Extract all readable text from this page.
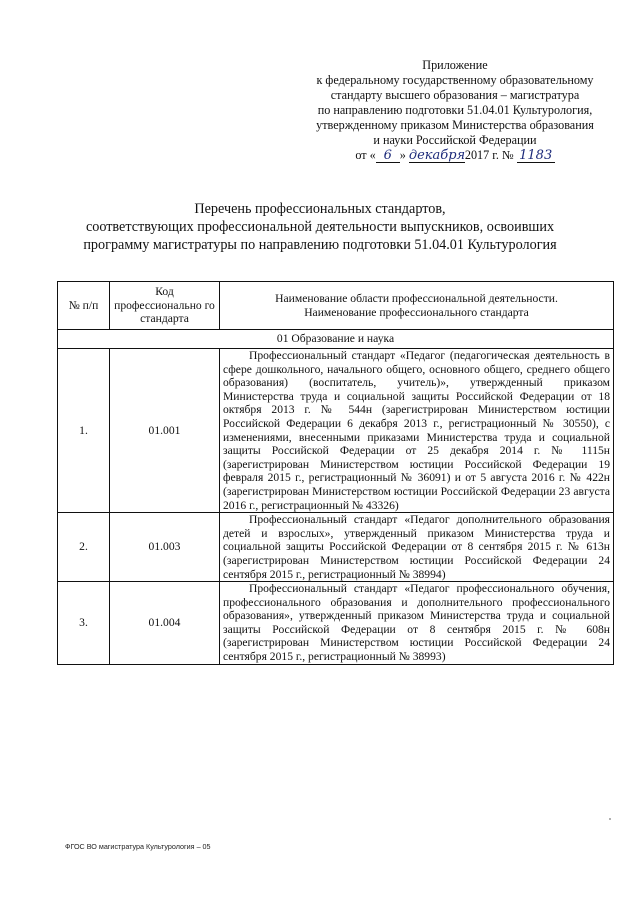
Приложение
к федеральному государственному образовательному
стандарту высшего образования – магистратура
по направлению подготовки 51.04.01 Культурология,
утвержденному приказом Министерства образования
и науки Российской Федерации
от « 6 » декабря2017 г. № 1183
Перечень профессиональных стандартов,
соответствующих профессиональной деятельности выпускников, освоивших
программу магистратуры по направлению подготовки 51.04.01 Культурология
№ п/п	Код профессионально го стандарта	Наименование области профессиональной деятельности.
Наименование профессионального стандарта

01 Образование и наука		
1.	01.001	Профессиональный стандарт «Педагог (педагогическая деятельность в сфере дошкольного, начального общего, основного общего, среднего общего образования) (воспитатель, учитель)», утвержденный приказом Министерства труда и социальной защиты Российской Федерации от 18 октября 2013 г. № 544н (зарегистрирован Министерством юстиции Российской Федерации 6 декабря 2013 г., регистрационный № 30550), с изменениями, внесенными приказами Министерства труда и социальной защиты Российской Федерации от 25 декабря 2014 г. № 1115н (зарегистрирован Министерством юстиции Российской Федерации 19 февраля 2015 г., регистрационный № 36091) и от 5 августа 2016 г. № 422н (зарегистрирован Министерством юстиции Российской Федерации 23 августа 2016 г., регистрационный № 43326)
2.	01.003	Профессиональный стандарт «Педагог дополнительного образования детей и взрослых», утвержденный приказом Министерства труда и социальной защиты Российской Федерации от 8 сентября 2015 г. № 613н (зарегистрирован Министерством юстиции Российской Федерации 24 сентября 2015 г., регистрационный № 38994)
3.	01.004	Профессиональный стандарт «Педагог профессионального обучения, профессионального образования и дополнительного профессионального образования», утвержденный приказом Министерства труда и социальной защиты Российской Федерации от 8 сентября 2015 г. № 608н (зарегистрирован Министерством юстиции Российской Федерации 24 сентября 2015 г., регистрационный № 38993)
ФГОС ВО магистратура Культурология – 05
